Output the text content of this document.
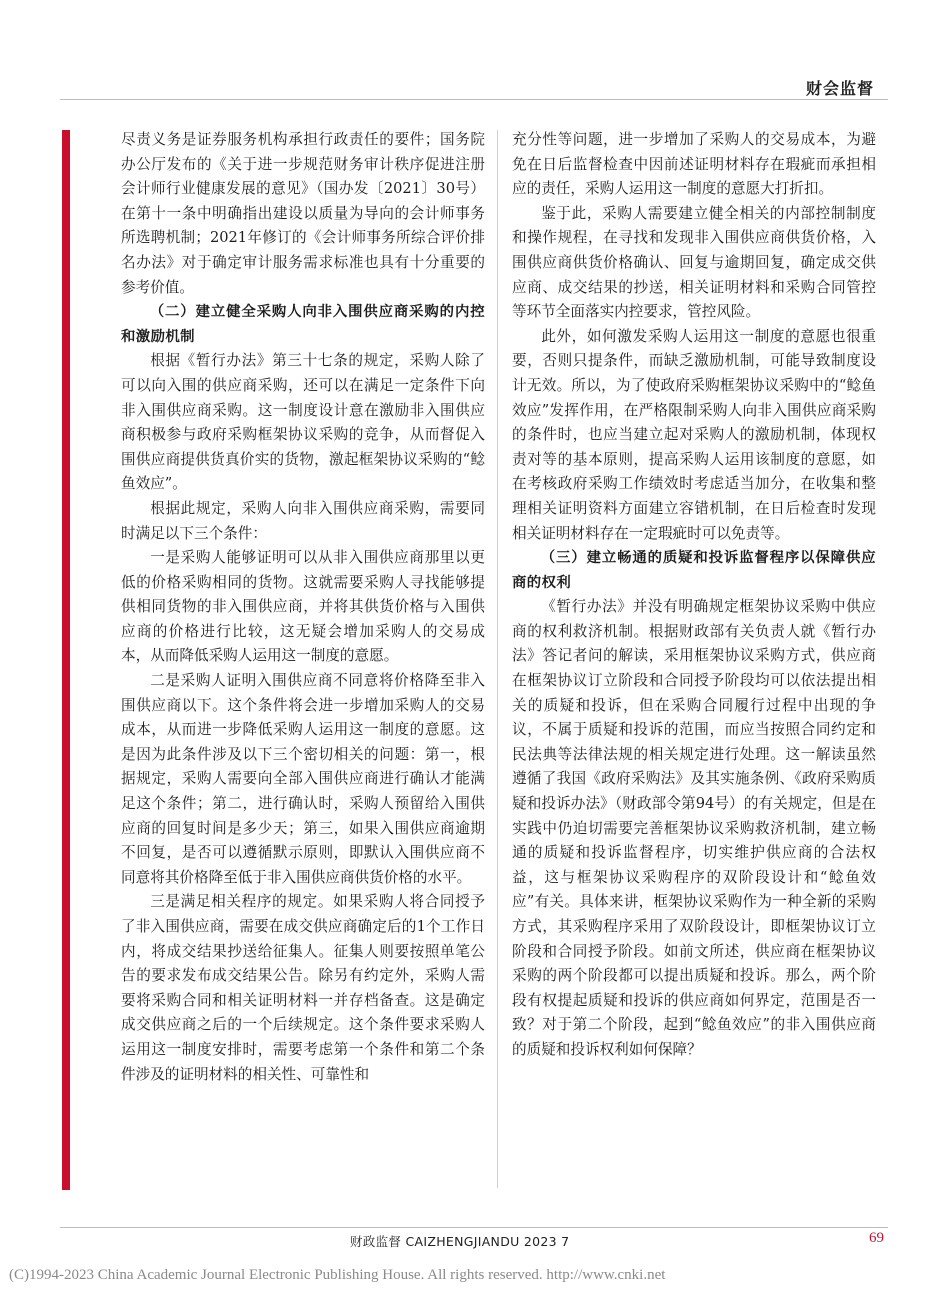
财会监督

尽责义务是证券服务机构承担行政责任的要件；国务院办公厅发布的《关于进一步规范财务审计秩序促进注册会计师行业健康发展的意见》（国办发〔2021〕30号）在第十一条中明确指出建设以质量为导向的会计师事务所选聘机制；2021年修订的《会计师事务所综合评价排名办法》对于确定审计服务需求标准也具有十分重要的参考价值。

（二）建立健全采购人向非入围供应商采购的内控和激励机制

根据《暂行办法》第三十七条的规定，采购人除了可以向入围的供应商采购，还可以在满足一定条件下向非入围供应商采购。这一制度设计意在激励非入围供应商积极参与政府采购框架协议采购的竞争，从而督促入围供应商提供货真价实的货物，激起框架协议采购的“鲶鱼效应”。

根据此规定，采购人向非入围供应商采购，需要同时满足以下三个条件：

一是采购人能够证明可以从非入围供应商那里以更低的价格采购相同的货物。这就需要采购人寻找能够提供相同货物的非入围供应商，并将其供货价格与入围供应商的价格进行比较，这无疑会增加采购人的交易成本，从而降低采购人运用这一制度的意愿。

二是采购人证明入围供应商不同意将价格降至非入围供应商以下。这个条件将会进一步增加采购人的交易成本，从而进一步降低采购人运用这一制度的意愿。这是因为此条件涉及以下三个密切相关的问题：第一，根据规定，采购人需要向全部入围供应商进行确认才能满足这个条件；第二，进行确认时，采购人预留给入围供应商的回复时间是多少天；第三，如果入围供应商逾期不回复，是否可以遵循默示原则，即默认入围供应商不同意将其价格降至低于非入围供应商供货价格的水平。

三是满足相关程序的规定。如果采购人将合同授予了非入围供应商，需要在成交供应商确定后的1个工作日内，将成交结果抄送给征集人。征集人则要按照单笔公告的要求发布成交结果公告。除另有约定外，采购人需要将采购合同和相关证明材料一并存档备查。这是确定成交供应商之后的一个后续规定。这个条件要求采购人运用这一制度安排时，需要考虑第一个条件和第二个条件涉及的证明材料的相关性、可靠性和

充分性等问题，进一步增加了采购人的交易成本，为避免在日后监督检查中因前述证明材料存在瑕疵而承担相应的责任，采购人运用这一制度的意愿大打折扣。

鉴于此，采购人需要建立健全相关的内部控制制度和操作规程，在寻找和发现非入围供应商供货价格，入围供应商供货价格确认、回复与逾期回复，确定成交供应商、成交结果的抄送，相关证明材料和采购合同管控等环节全面落实内控要求，管控风险。

此外，如何激发采购人运用这一制度的意愿也很重要，否则只提条件，而缺乏激励机制，可能导致制度设计无效。所以，为了使政府采购框架协议采购中的“鲶鱼效应”发挥作用，在严格限制采购人向非入围供应商采购的条件时，也应当建立起对采购人的激励机制，体现权责对等的基本原则，提高采购人运用该制度的意愿，如在考核政府采购工作绩效时考虑适当加分，在收集和整理相关证明资料方面建立容错机制，在日后检查时发现相关证明材料存在一定瑕疵时可以免责等。

（三）建立畅通的质疑和投诉监督程序以保障供应商的权利

《暂行办法》并没有明确规定框架协议采购中供应商的权利救济机制。根据财政部有关负责人就《暂行办法》答记者问的解读，采用框架协议采购方式，供应商在框架协议订立阶段和合同授予阶段均可以依法提出相关的质疑和投诉，但在采购合同履行过程中出现的争议，不属于质疑和投诉的范围，而应当按照合同约定和民法典等法律法规的相关规定进行处理。这一解读虽然遵循了我国《政府采购法》及其实施条例、《政府采购质疑和投诉办法》（财政部令第94号）的有关规定，但是在实践中仍迫切需要完善框架协议采购救济机制，建立畅通的质疑和投诉监督程序，切实维护供应商的合法权益，这与框架协议采购程序的双阶段设计和“鲶鱼效应”有关。具体来讲，框架协议采购作为一种全新的采购方式，其采购程序采用了双阶段设计，即框架协议订立阶段和合同授予阶段。如前文所述，供应商在框架协议采购的两个阶段都可以提出质疑和投诉。那么，两个阶段有权提起质疑和投诉的供应商如何界定，范围是否一致？对于第二个阶段，起到“鲶鱼效应”的非入围供应商的质疑和投诉权利如何保障？

财政监督 CAIZHENGJIANDU 2023 7	69
(C)1994-2023 China Academic Journal Electronic Publishing House. All rights reserved. http://www.cnki.net
